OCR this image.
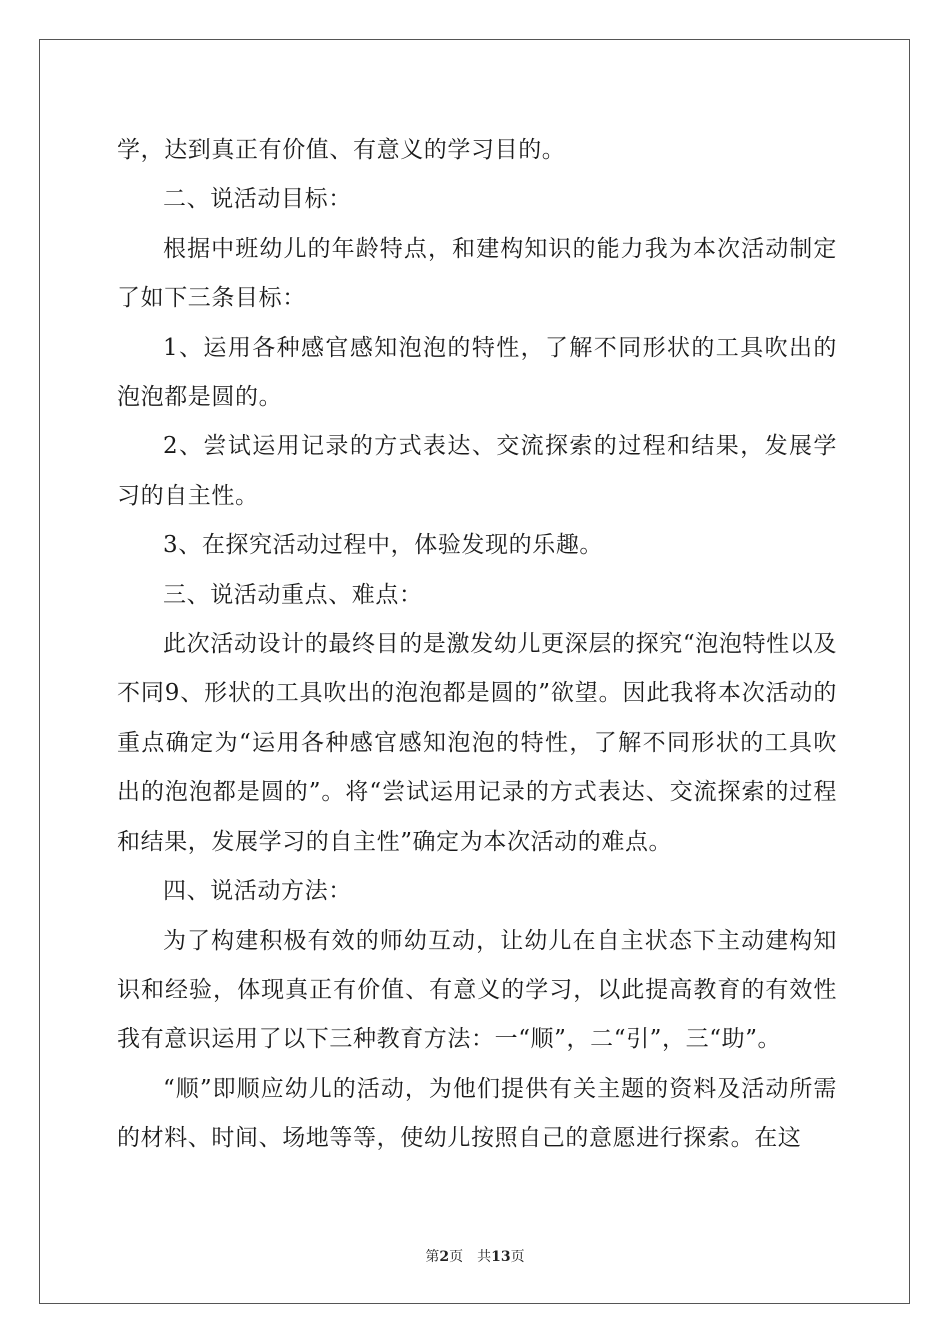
学，达到真正有价值、有意义的学习目的。

二、说活动目标：

根据中班幼儿的年龄特点，和建构知识的能力我为本次活动制定了如下三条目标：

1、运用各种感官感知泡泡的特性，了解不同形状的工具吹出的泡泡都是圆的。

2、尝试运用记录的方式表达、交流探索的过程和结果，发展学习的自主性。

3、在探究活动过程中，体验发现的乐趣。

三、说活动重点、难点：

此次活动设计的最终目的是激发幼儿更深层的探究“泡泡特性以及不同9、形状的工具吹出的泡泡都是圆的”欲望。因此我将本次活动的重点确定为“运用各种感官感知泡泡的特性，了解不同形状的工具吹出的泡泡都是圆的”。将“尝试运用记录的方式表达、交流探索的过程和结果，发展学习的自主性”确定为本次活动的难点。

四、说活动方法：

为了构建积极有效的师幼互动，让幼儿在自主状态下主动建构知识和经验，体现真正有价值、有意义的学习，以此提高教育的有效性我有意识运用了以下三种教育方法：一“顺”，二“引”，三“助”。

“顺”即顺应幼儿的活动，为他们提供有关主题的资料及活动所需的材料、时间、场地等等，使幼儿按照自己的意愿进行探索。在这

第2页 共13页
